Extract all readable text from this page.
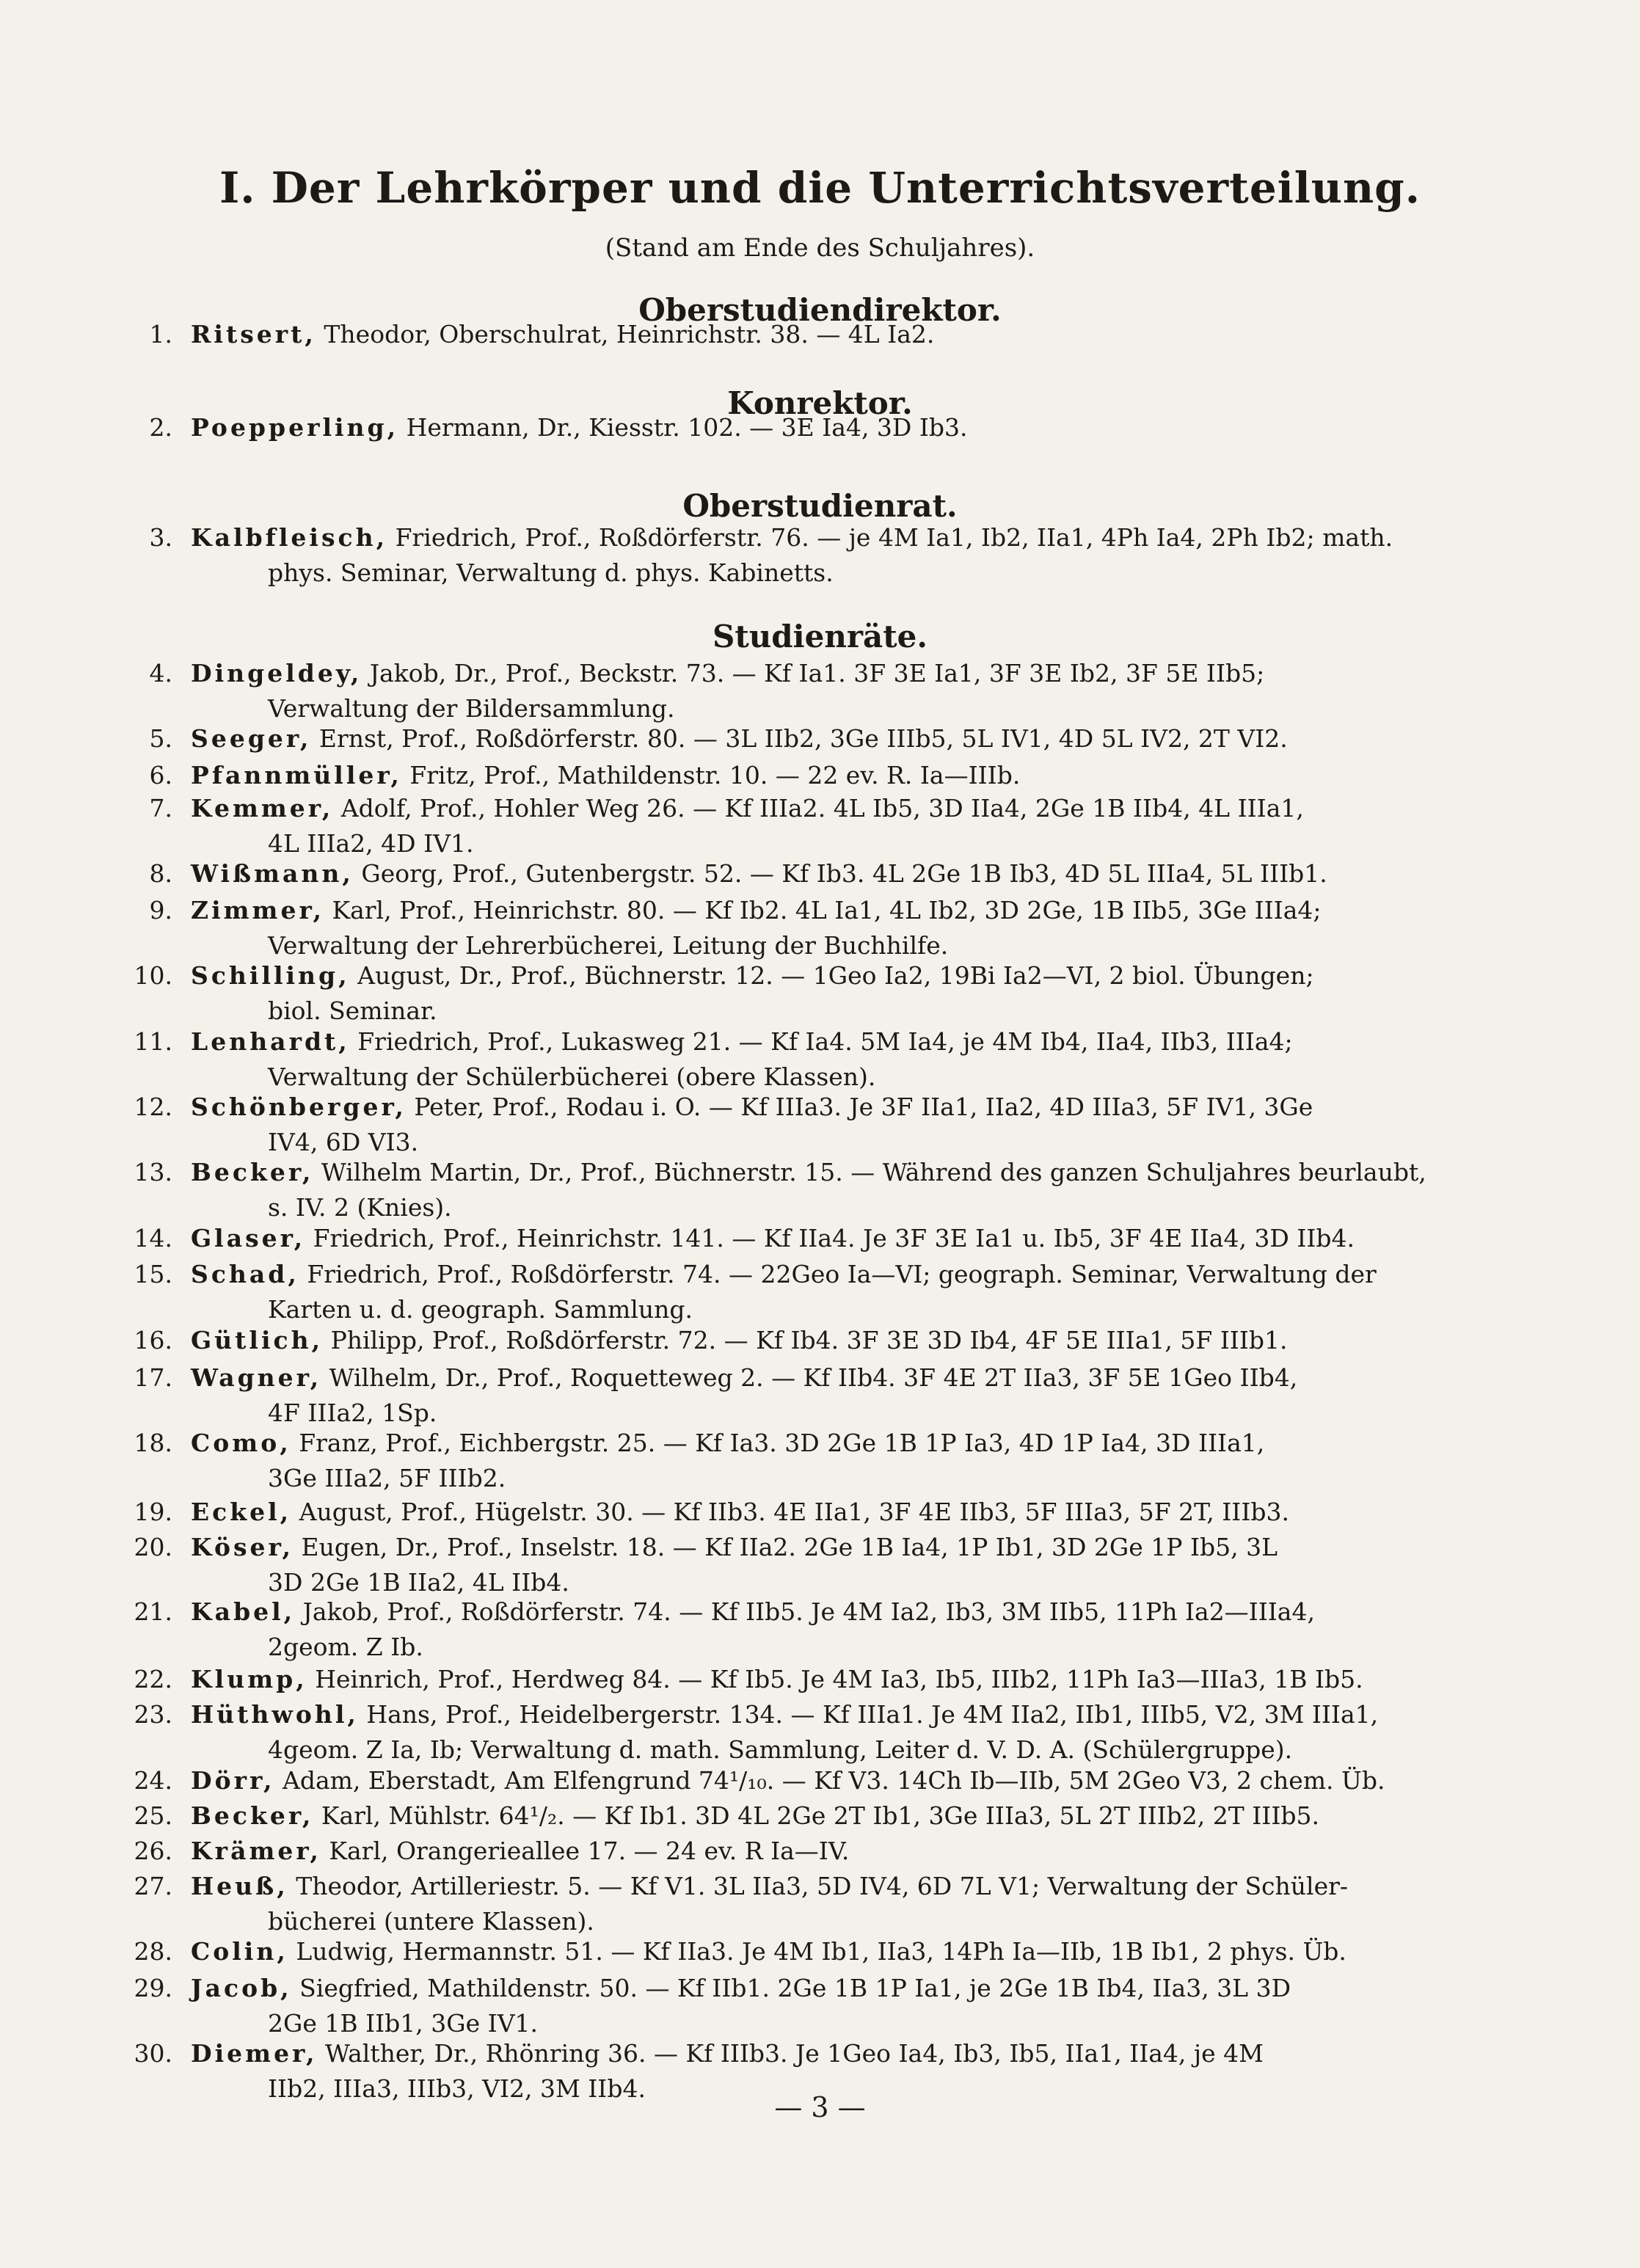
I. Der Lehrkörper und die Unterrichtsverteilung.
(Stand am Ende des Schuljahres).
Oberstudiendirektor.
Konrektor.
Oberstudienrat.
Studienräte.
1. Ritsert, Theodor, Oberschulrat, Heinrichstr. 38. — 4L Ia2.
2. Poepperling, Hermann, Dr., Kiesstr. 102. — 3E Ia4, 3D Ib3.
3. Kalbfleisch, Friedrich, Prof., Roßdörferstr. 76. — je 4M Ia1, Ib2, IIa1, 4Ph Ia4, 2Ph Ib2; math.
phys. Seminar, Verwaltung d. phys. Kabinetts.
4. Dingeldey, Jakob, Dr., Prof., Beckstr. 73. — Kf Ia1. 3F 3E Ia1, 3F 3E Ib2, 3F 5E IIb5;
Verwaltung der Bildersammlung.
5. Seeger, Ernst, Prof., Roßdörferstr. 80. — 3L IIb2, 3Ge IIIb5, 5L IV1, 4D 5L IV2, 2T VI2.
6. Pfannmüller, Fritz, Prof., Mathildenstr. 10. — 22 ev. R. Ia—IIIb.
7. Kemmer, Adolf, Prof., Hohler Weg 26. — Kf IIIa2. 4L Ib5, 3D IIa4, 2Ge 1B IIb4, 4L IIIa1,
4L IIIa2, 4D IV1.
8. Wißmann, Georg, Prof., Gutenbergstr. 52. — Kf Ib3. 4L 2Ge 1B Ib3, 4D 5L IIIa4, 5L IIIb1.
9. Zimmer, Karl, Prof., Heinrichstr. 80. — Kf Ib2. 4L Ia1, 4L Ib2, 3D 2Ge, 1B IIb5, 3Ge IIIa4;
Verwaltung der Lehrerbücherei, Leitung der Buchhilfe.
10. Schilling, August, Dr., Prof., Büchnerstr. 12. — 1Geo Ia2, 19Bi Ia2—VI, 2 biol. Übungen;
biol. Seminar.
11. Lenhardt, Friedrich, Prof., Lukasweg 21. — Kf Ia4. 5M Ia4, je 4M Ib4, IIa4, IIb3, IIIa4;
Verwaltung der Schülerbücherei (obere Klassen).
12. Schönberger, Peter, Prof., Rodau i. O. — Kf IIIa3. Je 3F IIa1, IIa2, 4D IIIa3, 5F IV1, 3Ge
IV4, 6D VI3.
13. Becker, Wilhelm Martin, Dr., Prof., Büchnerstr. 15. — Während des ganzen Schuljahres beurlaubt,
s. IV. 2 (Knies).
14. Glaser, Friedrich, Prof., Heinrichstr. 141. — Kf IIa4. Je 3F 3E Ia1 u. Ib5, 3F 4E IIa4, 3D IIb4.
15. Schad, Friedrich, Prof., Roßdörferstr. 74. — 22Geo Ia—VI; geograph. Seminar, Verwaltung der
Karten u. d. geograph. Sammlung.
16. Gütlich, Philipp, Prof., Roßdörferstr. 72. — Kf Ib4. 3F 3E 3D Ib4, 4F 5E IIIa1, 5F IIIb1.
17. Wagner, Wilhelm, Dr., Prof., Roquetteweg 2. — Kf IIb4. 3F 4E 2T IIa3, 3F 5E 1Geo IIb4,
4F IIIa2, 1Sp.
18. Como, Franz, Prof., Eichbergstr. 25. — Kf Ia3. 3D 2Ge 1B 1P Ia3, 4D 1P Ia4, 3D IIIa1,
3Ge IIIa2, 5F IIIb2.
19. Eckel, August, Prof., Hügelstr. 30. — Kf IIb3. 4E IIa1, 3F 4E IIb3, 5F IIIa3, 5F 2T, IIIb3.
20. Köser, Eugen, Dr., Prof., Inselstr. 18. — Kf IIa2. 2Ge 1B Ia4, 1P Ib1, 3D 2Ge 1P Ib5, 3L
3D 2Ge 1B IIa2, 4L IIb4.
21. Kabel, Jakob, Prof., Roßdörferstr. 74. — Kf IIb5. Je 4M Ia2, Ib3, 3M IIb5, 11Ph Ia2—IIIa4,
2geom. Z Ib.
22. Klump, Heinrich, Prof., Herdweg 84. — Kf Ib5. Je 4M Ia3, Ib5, IIIb2, 11Ph Ia3—IIIa3, 1B Ib5.
23. Hüthwohl, Hans, Prof., Heidelbergerstr. 134. — Kf IIIa1. Je 4M IIa2, IIb1, IIIb5, V2, 3M IIIa1,
4geom. Z Ia, Ib; Verwaltung d. math. Sammlung, Leiter d. V. D. A. (Schülergruppe).
24. Dörr, Adam, Eberstadt, Am Elfengrund 74¹/₁₀. — Kf V3. 14Ch Ib—IIb, 5M 2Geo V3, 2 chem. Üb.
25. Becker, Karl, Mühlstr. 64¹/₂. — Kf Ib1. 3D 4L 2Ge 2T Ib1, 3Ge IIIa3, 5L 2T IIIb2, 2T IIIb5.
26. Krämer, Karl, Orangerieallee 17. — 24 ev. R Ia—IV.
27. Heuß, Theodor, Artilleriestr. 5. — Kf V1. 3L IIa3, 5D IV4, 6D 7L V1; Verwaltung der Schüler-
bücherei (untere Klassen).
28. Colin, Ludwig, Hermannstr. 51. — Kf IIa3. Je 4M Ib1, IIa3, 14Ph Ia—IIb, 1B Ib1, 2 phys. Üb.
29. Jacob, Siegfried, Mathildenstr. 50. — Kf IIb1. 2Ge 1B 1P Ia1, je 2Ge 1B Ib4, IIa3, 3L 3D
2Ge 1B IIb1, 3Ge IV1.
30. Diemer, Walther, Dr., Rhönring 36. — Kf IIIb3. Je 1Geo Ia4, Ib3, Ib5, IIa1, IIa4, je 4M
IIb2, IIIa3, IIIb3, VI2, 3M IIb4.
— 3 —
